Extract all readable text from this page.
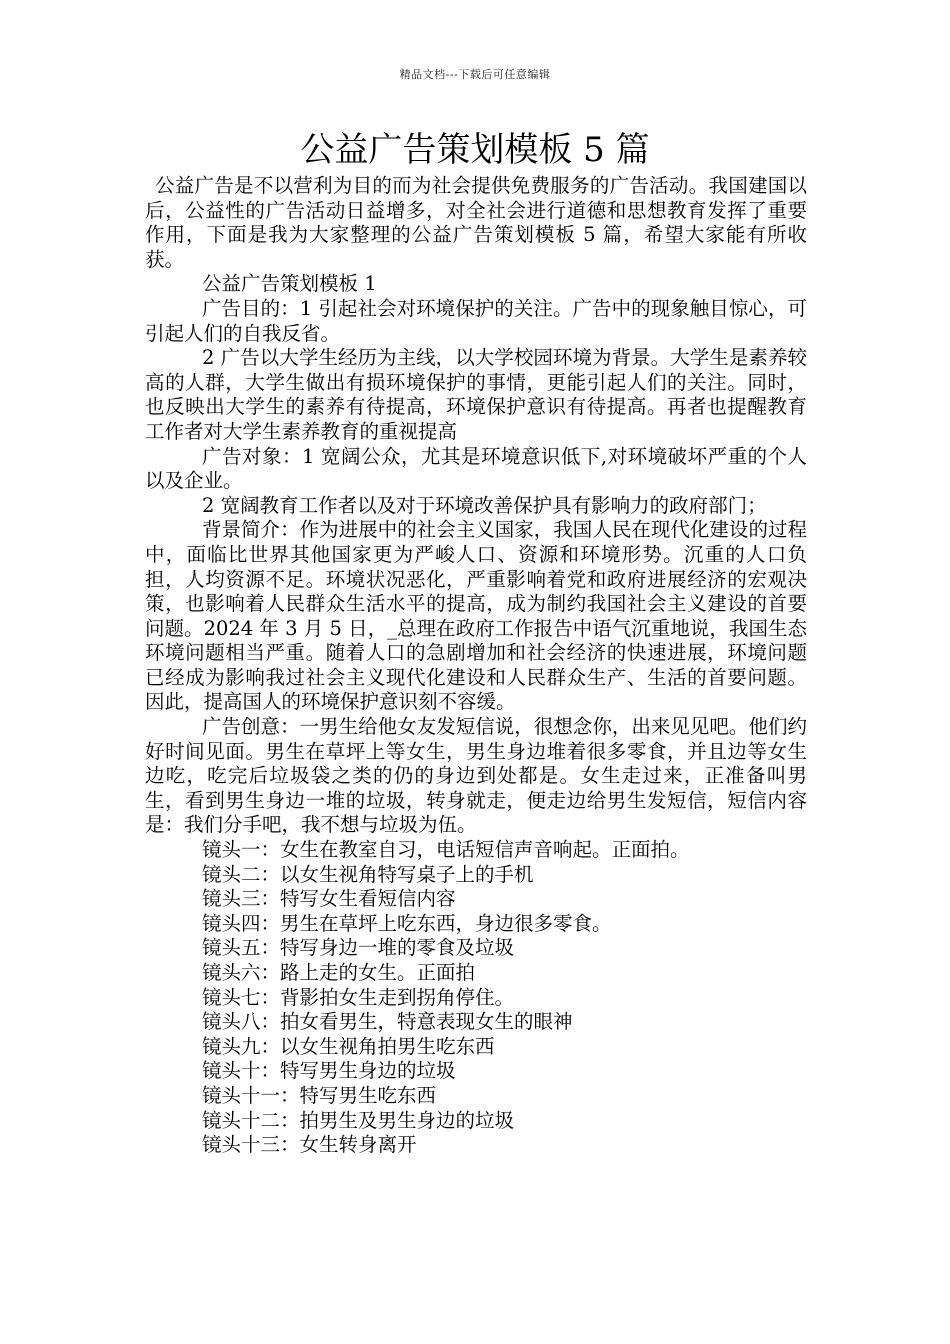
精品文档---下载后可任意编辑
公益广告策划模板 5 篇

公益广告是不以营利为目的而为社会提供免费服务的广告活动。我国建国以后，公益性的广告活动日益增多，对全社会进行道德和思想教育发挥了重要作用，下面是我为大家整理的公益广告策划模板 5 篇，希望大家能有所收获。

公益广告策划模板 1

广告目的：1 引起社会对环境保护的关注。广告中的现象触目惊心，可引起人们的自我反省。

2 广告以大学生经历为主线，以大学校园环境为背景。大学生是素养较高的人群，大学生做出有损环境保护的事情，更能引起人们的关注。同时，也反映出大学生的素养有待提高，环境保护意识有待提高。再者也提醒教育工作者对大学生素养教育的重视提高

广告对象：1 宽阔公众，尤其是环境意识低下,对环境破坏严重的个人以及企业。

2 宽阔教育工作者以及对于环境改善保护具有影响力的政府部门；

背景简介：作为进展中的社会主义国家，我国人民在现代化建设的过程中，面临比世界其他国家更为严峻人口、资源和环境形势。沉重的人口负担，人均资源不足。环境状况恶化，严重影响着党和政府进展经济的宏观决策，也影响着人民群众生活水平的提高，成为制约我国社会主义建设的首要问题。2024 年 3 月 5 日，_总理在政府工作报告中语气沉重地说，我国生态环境问题相当严重。随着人口的急剧增加和社会经济的快速进展，环境问题已经成为影响我过社会主义现代化建设和人民群众生产、生活的首要问题。因此，提高国人的环境保护意识刻不容缓。

广告创意：一男生给他女友发短信说，很想念你，出来见见吧。他们约好时间见面。男生在草坪上等女生，男生身边堆着很多零食，并且边等女生边吃，吃完后垃圾袋之类的仍的身边到处都是。女生走过来，正准备叫男生，看到男生身边一堆的垃圾，转身就走，便走边给男生发短信，短信内容是：我们分手吧，我不想与垃圾为伍。

镜头一：女生在教室自习，电话短信声音响起。正面拍。

镜头二：以女生视角特写桌子上的手机

镜头三：特写女生看短信内容

镜头四：男生在草坪上吃东西，身边很多零食。

镜头五：特写身边一堆的零食及垃圾

镜头六：路上走的女生。正面拍

镜头七：背影拍女生走到拐角停住。

镜头八：拍女看男生，特意表现女生的眼神

镜头九：以女生视角拍男生吃东西

镜头十：特写男生身边的垃圾

镜头十一：特写男生吃东西

镜头十二：拍男生及男生身边的垃圾

镜头十三：女生转身离开
